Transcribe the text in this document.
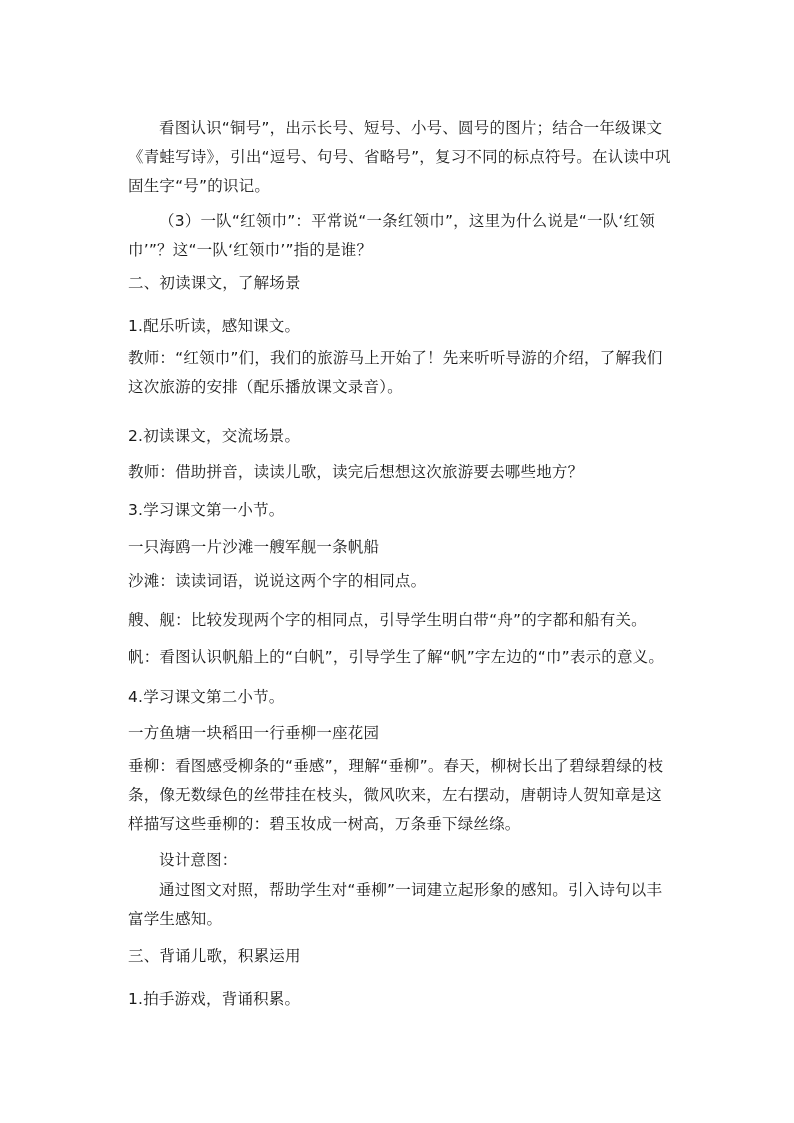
看图认识“铜号”，出示长号、短号、小号、圆号的图片；结合一年级课文《青蛙写诗》，引出“逗号、句号、省略号”，复习不同的标点符号。在认读中巩固生字“号”的识记。

（3）一队“红领巾”：平常说“一条红领巾”，这里为什么说是“一队‘红领巾’”？这“一队‘红领巾’”指的是谁？

二、初读课文，了解场景

1.配乐听读，感知课文。

教师：“红领巾”们，我们的旅游马上开始了！先来听听导游的介绍，了解我们这次旅游的安排（配乐播放课文录音）。

2.初读课文，交流场景。

教师：借助拼音，读读儿歌，读完后想想这次旅游要去哪些地方？

3.学习课文第一小节。

一只海鸥一片沙滩一艘军舰一条帆船

沙滩：读读词语，说说这两个字的相同点。

艘、舰：比较发现两个字的相同点，引导学生明白带“舟”的字都和船有关。

帆：看图认识帆船上的“白帆”，引导学生了解“帆”字左边的“巾”表示的意义。

4.学习课文第二小节。

一方鱼塘一块稻田一行垂柳一座花园

垂柳：看图感受柳条的“垂感”，理解“垂柳”。春天，柳树长出了碧绿碧绿的枝条，像无数绿色的丝带挂在枝头，微风吹来，左右摆动，唐朝诗人贺知章是这样描写这些垂柳的：碧玉妆成一树高，万条垂下绿丝绦。

设计意图：

通过图文对照，帮助学生对“垂柳”一词建立起形象的感知。引入诗句以丰富学生感知。

三、背诵儿歌，积累运用

1.拍手游戏，背诵积累。
